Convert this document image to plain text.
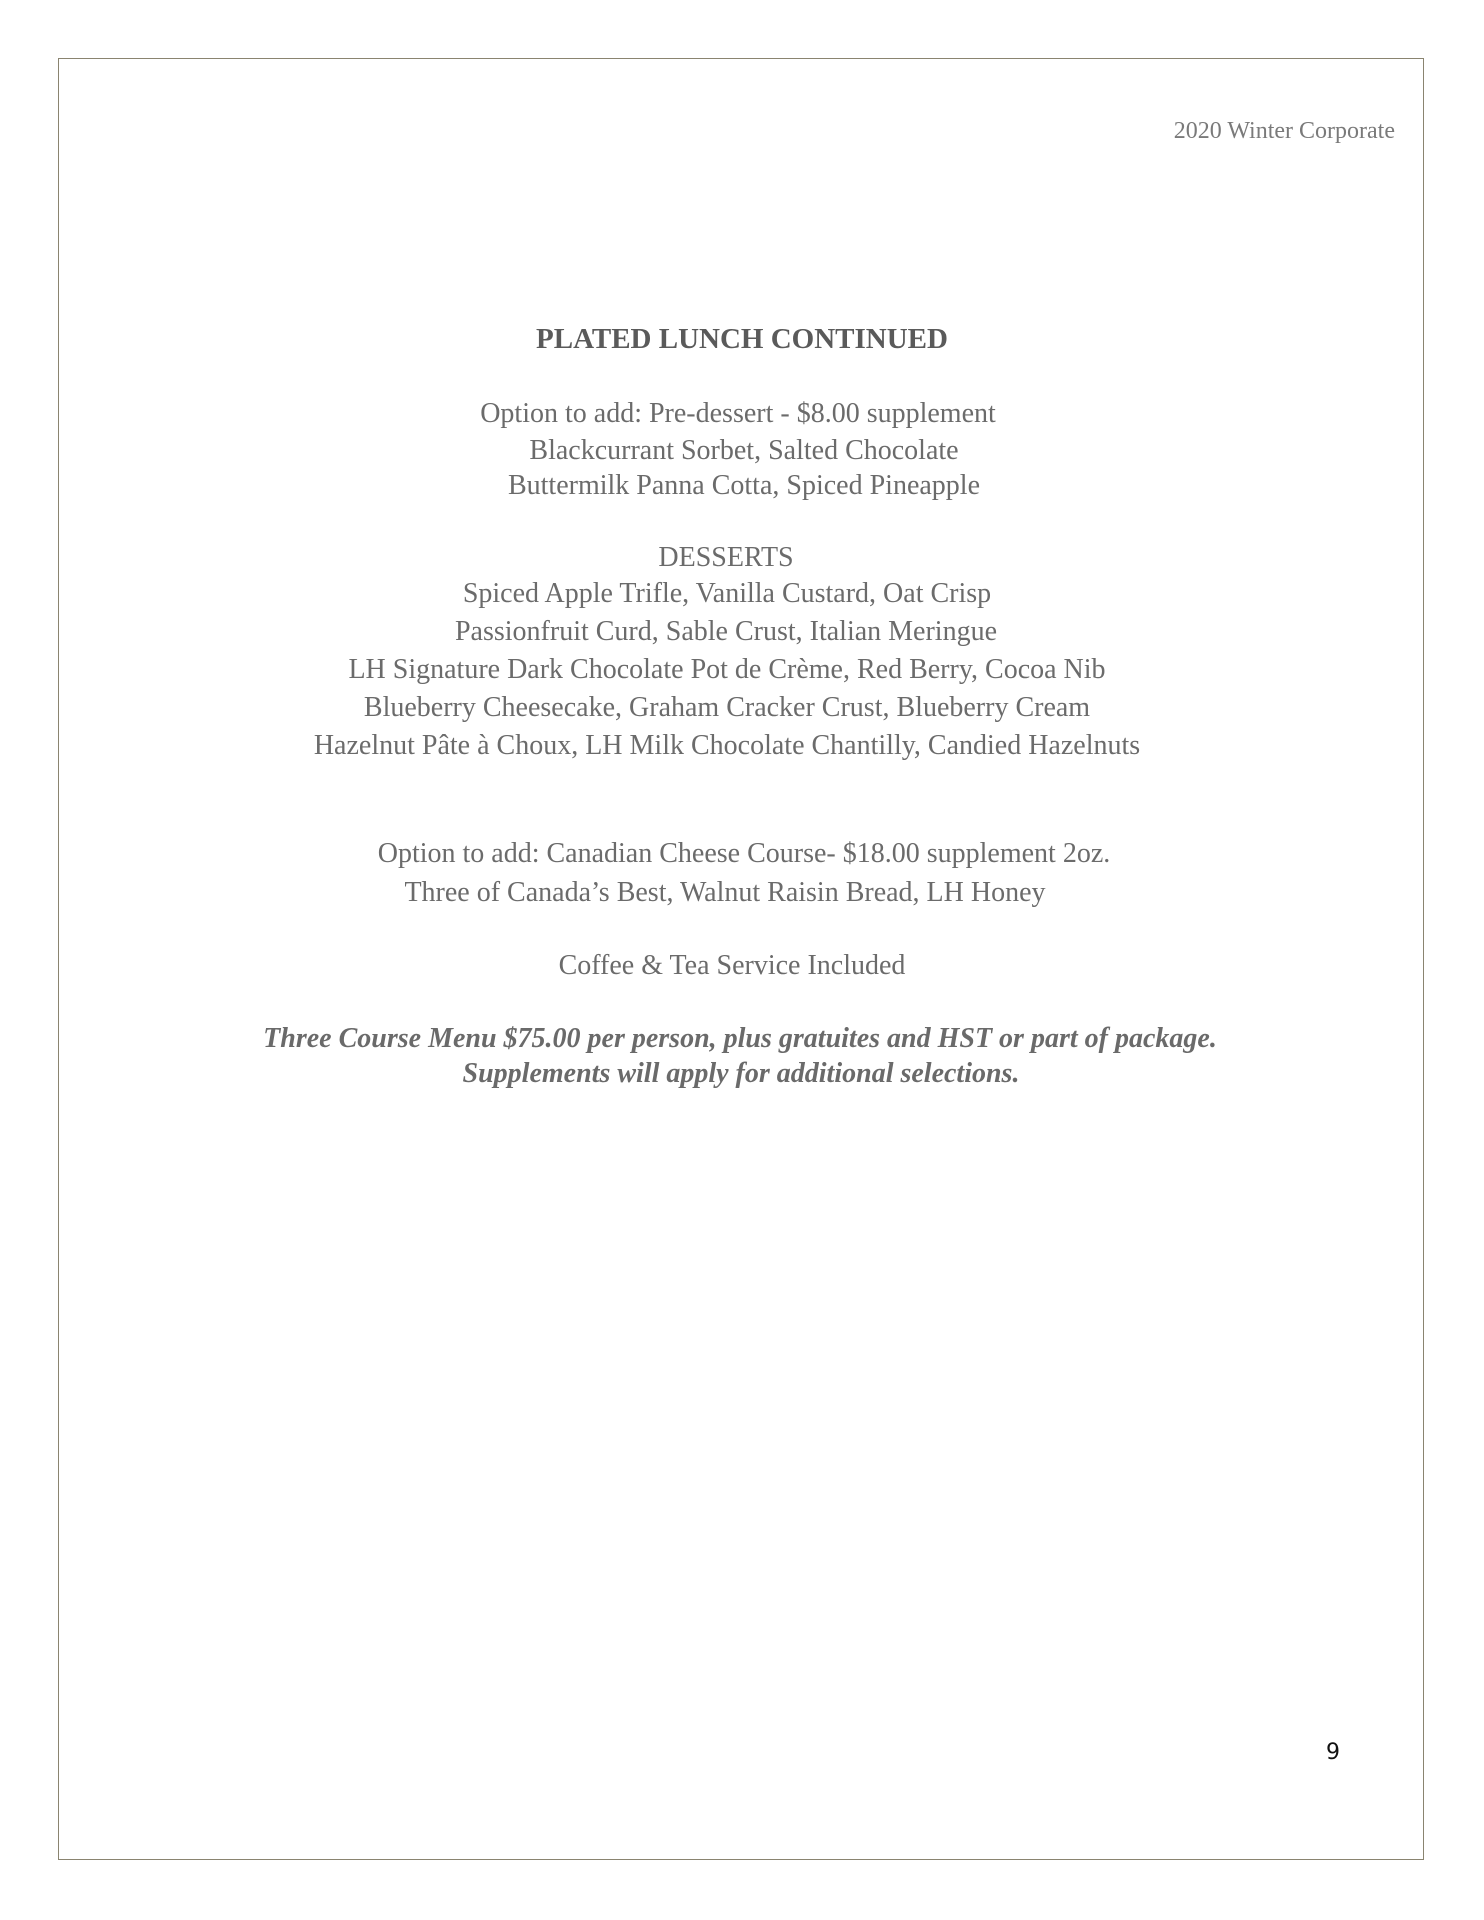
2020 Winter Corporate
PLATED LUNCH CONTINUED
Option to add: Pre-dessert - $8.00 supplement
Blackcurrant Sorbet, Salted Chocolate
Buttermilk Panna Cotta, Spiced Pineapple
DESSERTS
Spiced Apple Trifle, Vanilla Custard, Oat Crisp
Passionfruit Curd, Sable Crust, Italian Meringue
LH Signature Dark Chocolate Pot de Crème, Red Berry, Cocoa Nib
Blueberry Cheesecake, Graham Cracker Crust, Blueberry Cream
Hazelnut Pâte à Choux, LH Milk Chocolate Chantilly, Candied Hazelnuts
Option to add: Canadian Cheese Course- $18.00 supplement 2oz.
Three of Canada’s Best, Walnut Raisin Bread, LH Honey
Coffee & Tea Service Included
Three Course Menu $75.00 per person, plus gratuites and HST or part of package.
Supplements will apply for additional selections.
9
